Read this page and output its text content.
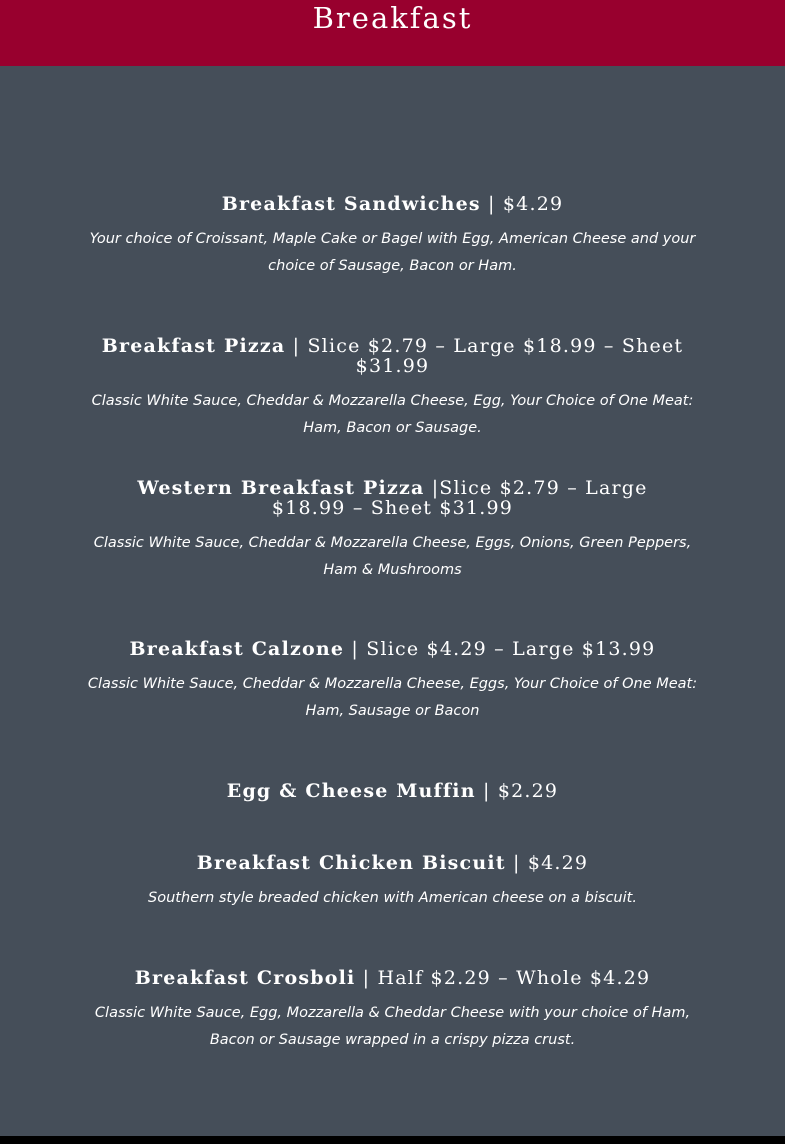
Breakfast
Breakfast Sandwiches | $4.29
Your choice of Croissant, Maple Cake or Bagel with Egg, American Cheese and your choice of Sausage, Bacon or Ham.
Breakfast Pizza | Slice $2.79 – Large $18.99 – Sheet $31.99
Classic White Sauce, Cheddar & Mozzarella Cheese, Egg, Your Choice of One Meat: Ham, Bacon or Sausage.
Western Breakfast Pizza |Slice $2.79 – Large $18.99 – Sheet $31.99
Classic White Sauce, Cheddar & Mozzarella Cheese, Eggs, Onions, Green Peppers, Ham & Mushrooms
Breakfast Calzone | Slice $4.29 – Large $13.99
Classic White Sauce, Cheddar & Mozzarella Cheese, Eggs, Your Choice of One Meat: Ham, Sausage or Bacon
Egg & Cheese Muffin | $2.29
Breakfast Chicken Biscuit | $4.29
Southern style breaded chicken with American cheese on a biscuit.
Breakfast Crosboli | Half $2.29 – Whole $4.29
Classic White Sauce, Egg, Mozzarella & Cheddar Cheese with your choice of Ham, Bacon or Sausage wrapped in a crispy pizza crust.
